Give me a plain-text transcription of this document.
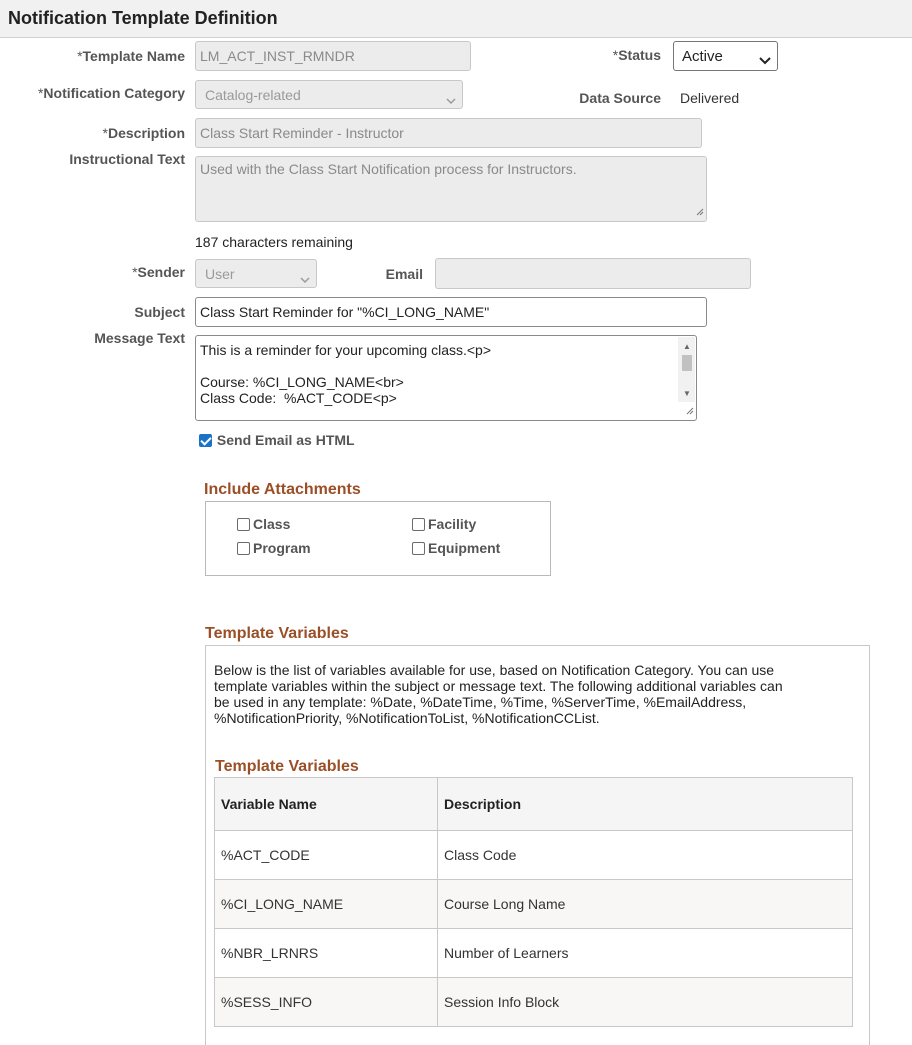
Notification Template Definition
*Template Name	LM_ACT_INST_RMNDR	*Status Active
*Notification Category Catalog-related	Data Source Delivered
*Description	Class Start Reminder - Instructor
Instructional Text
Used with the Class Start Notification process for Instructors.
187 characters remaining
*Sender User	Email
Subject	Class Start Reminder for "%CI_LONG_NAME"
Message Text
This is a reminder for your upcoming class.<p>
Course: %CI_LONG_NAME<br>
Class Code:  %ACT_CODE<p>
▲
▼
Send Email as HTML
Include Attachments
Class	Facility
Program	Equipment
Template Variables
Below is the list of variables available for use, based on Notification Category. You can use
template variables within the subject or message text. The following additional variables can
be used in any template: %Date, %DateTime, %Time, %ServerTime, %EmailAddress,
%NotificationPriority, %NotificationToList, %NotificationCCList.
Template Variables
Variable Name	Description
%ACT_CODE	Class Code
%CI_LONG_NAME	Course Long Name
%NBR_LRNRS	Number of Learners
%SESS_INFO	Session Info Block
